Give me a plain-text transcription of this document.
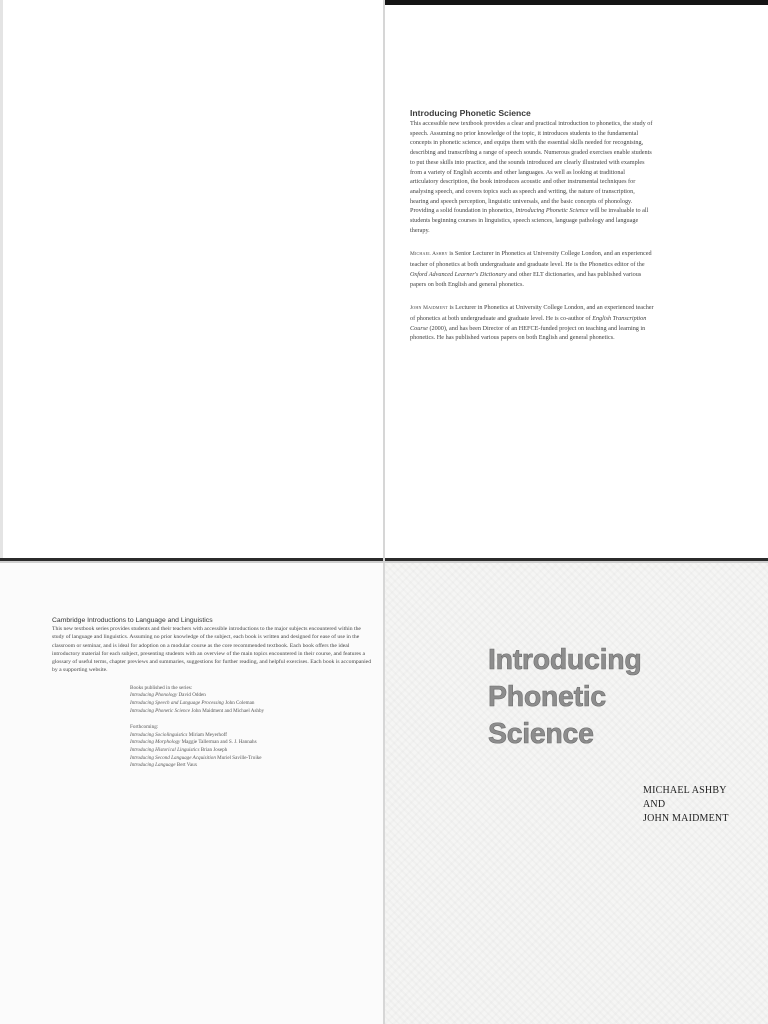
Introducing Phonetic Science

This accessible new textbook provides a clear and practical introduction to phonetics, the study of speech. Assuming no prior knowledge of the topic, it introduces students to the fundamental concepts in phonetic science, and equips them with the essential skills needed for recognising, describing and transcribing a range of speech sounds. Numerous graded exercises enable students to put these skills into practice, and the sounds introduced are clearly illustrated with examples from a variety of English accents and other languages. As well as looking at traditional articulatory description, the book introduces acoustic and other instrumental techniques for analysing speech, and covers topics such as speech and writing, the nature of transcription, hearing and speech perception, linguistic universals, and the basic concepts of phonology. Providing a solid foundation in phonetics, Introducing Phonetic Science will be invaluable to all students beginning courses in linguistics, speech sciences, language pathology and language therapy.

Michael Ashby is Senior Lecturer in Phonetics at University College London, and an experienced teacher of phonetics at both undergraduate and graduate level. He is the Phonetics editor of the Oxford Advanced Learner's Dictionary and other ELT dictionaries, and has published various papers on both English and general phonetics.

John Maidment is Lecturer in Phonetics at University College London, and an experienced teacher of phonetics at both undergraduate and graduate level. He is co-author of English Transcription Course (2000), and has been Director of an HEFCE-funded project on teaching and learning in phonetics. He has published various papers on both English and general phonetics.

Cambridge Introductions to Language and Linguistics

This new textbook series provides students and their teachers with accessible introductions to the major subjects encountered within the study of language and linguistics. Assuming no prior knowledge of the subject, each book is written and designed for ease of use in the classroom or seminar, and is ideal for adoption on a modular course as the core recommended textbook. Each book offers the ideal introductory material for each subject, presenting students with an overview of the main topics encountered in their course, and features a glossary of useful terms, chapter previews and summaries, suggestions for further reading, and helpful exercises. Each book is accompanied by a supporting website.

Books published in the series:
Introducing Phonology David Odden
Introducing Speech and Language Processing John Coleman
Introducing Phonetic Science John Maidment and Michael Ashby
Forthcoming:
Introducing Sociolinguistics Miriam Meyerhoff
Introducing Morphology Maggie Tallerman and S. J. Hannahs
Introducing Historical Linguistics Brian Joseph
Introducing Second Language Acquisition Muriel Saville-Troike
Introducing Language Bert Vaux
Introducing
Phonetic
Science
MICHAEL ASHBY
AND
JOHN MAIDMENT
